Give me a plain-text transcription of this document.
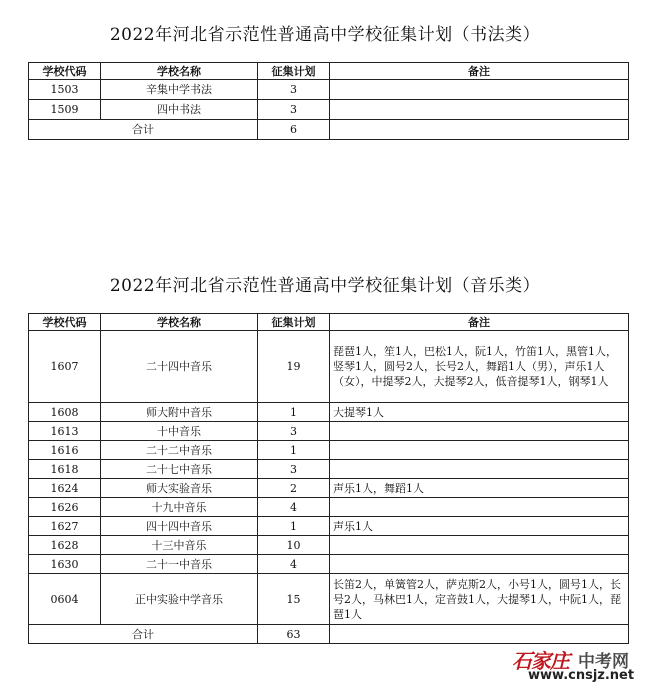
2022年河北省示范性普通高中学校征集计划（书法类）
学校代码	学校名称	征集计划	备注
1503	辛集中学书法	3	
1509	四中书法	3	
合计		6	
2022年河北省示范性普通高中学校征集计划（音乐类）
学校代码	学校名称	征集计划	备注
1607	二十四中音乐	19	琵琶1人，笙1人，巴松1人，阮1人，竹笛1人，黑管1人，竖琴1人，圆号2人，长号2人，舞蹈1人（男），声乐1人（女），中提琴2人，大提琴2人，低音提琴1人，钢琴1人
1608	师大附中音乐	1	大提琴1人
1613	十中音乐	3	
1616	二十二中音乐	1	
1618	二十七中音乐	3	
1624	师大实验音乐	2	声乐1人，舞蹈1人
1626	十九中音乐	4	
1627	四十四中音乐	1	声乐1人
1628	十三中音乐	10	
1630	二十一中音乐	4	
0604	正中实验中学音乐	15	长笛2人，单簧管2人，萨克斯2人，小号1人，圆号1人，长号2人，马林巴1人，定音鼓1人，大提琴1人，中阮1人，琵琶1人
合计		63	
石家庄 中考网
www.cnsjz.net
